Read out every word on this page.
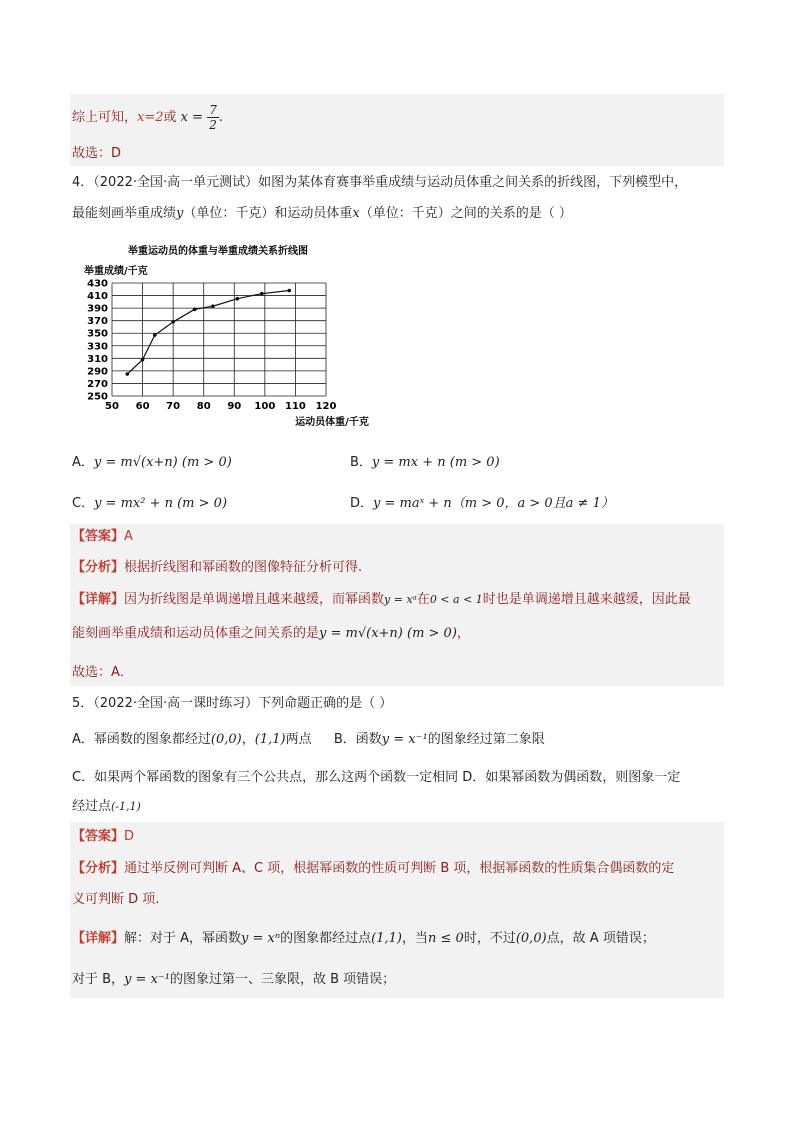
综上可知，x=2或 $x = \frac{7}{2}$ .
故选：D
4．（2022·全国·高一单元测试）如图为某体育赛事举重成绩与运动员体重之间关系的折线图，下列模型中，
最能刻画举重成绩y（单位：千克）和运动员体重x（单位：千克）之间的关系的是（ ）
举重运动员的体重与举重成绩关系折线图
举重成绩/千克
运动员体重/千克
50 60 70 80 90 100 110 120
250
270
290
310
330
350
370
390
410
430
A．y = m√(x+n) (m > 0)	B．y = mx + n (m > 0)
C．y = mx² + n (m > 0)	D．y = maˣ + n（m > 0，a > 0且a ≠ 1）
【答案】A
【分析】根据折线图和幂函数的图像特征分析可得.
【详解】因为折线图是单调递增且越来越缓，而幂函数y = xᵃ在0 < a < 1时也是单调递增且越来越缓，因此最
能刻画举重成绩和运动员体重之间关系的是y = m√(x+n) (m > 0)，
故选：A．
5．（2022·全国·高一课时练习）下列命题正确的是（ ）
A．幂函数的图象都经过(0,0)，(1,1)两点 B．函数y = x⁻¹的图象经过第二象限
C．如果两个幂函数的图象有三个公共点，那么这两个函数一定相同 D．如果幂函数为偶函数，则图象一定
经过点(-1,1)
【答案】D
【分析】通过举反例可判断 A、C 项，根据幂函数的性质可判断 B 项，根据幂函数的性质集合偶函数的定
义可判断 D 项.
【详解】解：对于 A，幂函数y = xⁿ的图象都经过点(1,1)，当n ≤ 0时，不过(0,0)点，故 A 项错误；
对于 B，y = x⁻¹的图象过第一、三象限，故 B 项错误；
